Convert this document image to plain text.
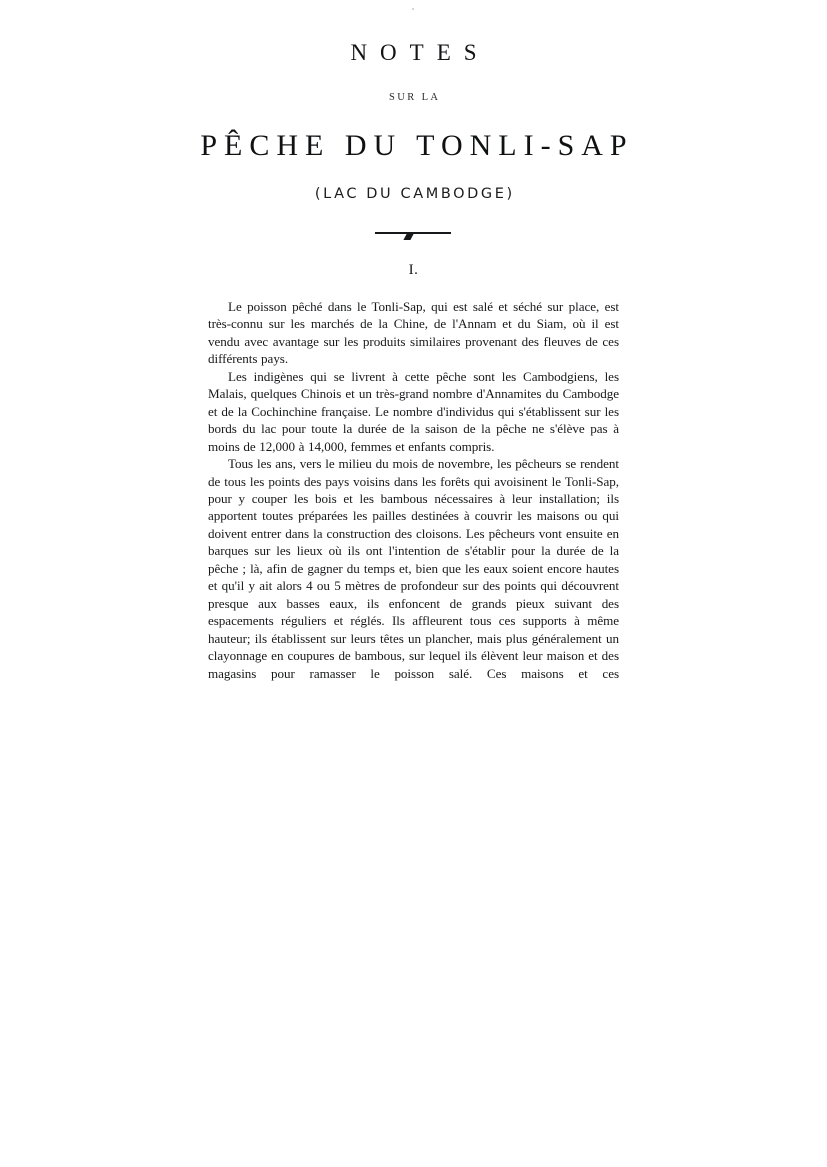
NOTES
SUR LA
PÊCHE DU TONLI-SAP
(LAC DU CAMBODGE)
I.

Le poisson pêché dans le Tonli-Sap, qui est salé et séché sur place, est très-connu sur les marchés de la Chine, de l'Annam et du Siam, où il est vendu avec avantage sur les produits similaires provenant des fleuves de ces différents pays.

Les indigènes qui se livrent à cette pêche sont les Cambodgiens, les Malais, quelques Chinois et un très-grand nombre d'Annamites du Cambodge et de la Cochinchine française. Le nombre d'individus qui s'établissent sur les bords du lac pour toute la durée de la saison de la pêche ne s'élève pas à moins de 12,000 à 14,000, femmes et enfants compris.

Tous les ans, vers le milieu du mois de novembre, les pêcheurs se rendent de tous les points des pays voisins dans les forêts qui avoisinent le Tonli-Sap, pour y couper les bois et les bambous nécessaires à leur installation; ils apportent toutes préparées les pailles destinées à couvrir les maisons ou qui doivent entrer dans la construction des cloisons. Les pêcheurs vont ensuite en barques sur les lieux où ils ont l'intention de s'établir pour la durée de la pêche ; là, afin de gagner du temps et, bien que les eaux soient encore hautes et qu'il y ait alors 4 ou 5 mètres de profondeur sur des points qui découvrent presque aux basses eaux, ils enfoncent de grands pieux suivant des espacements réguliers et réglés. Ils affleurent tous ces supports à même hauteur; ils établissent sur leurs têtes un plancher, mais plus généralement un clayonnage en coupures de bambous, sur lequel ils élèvent leur maison et des magasins pour ramasser le poisson salé. Ces maisons et ces
